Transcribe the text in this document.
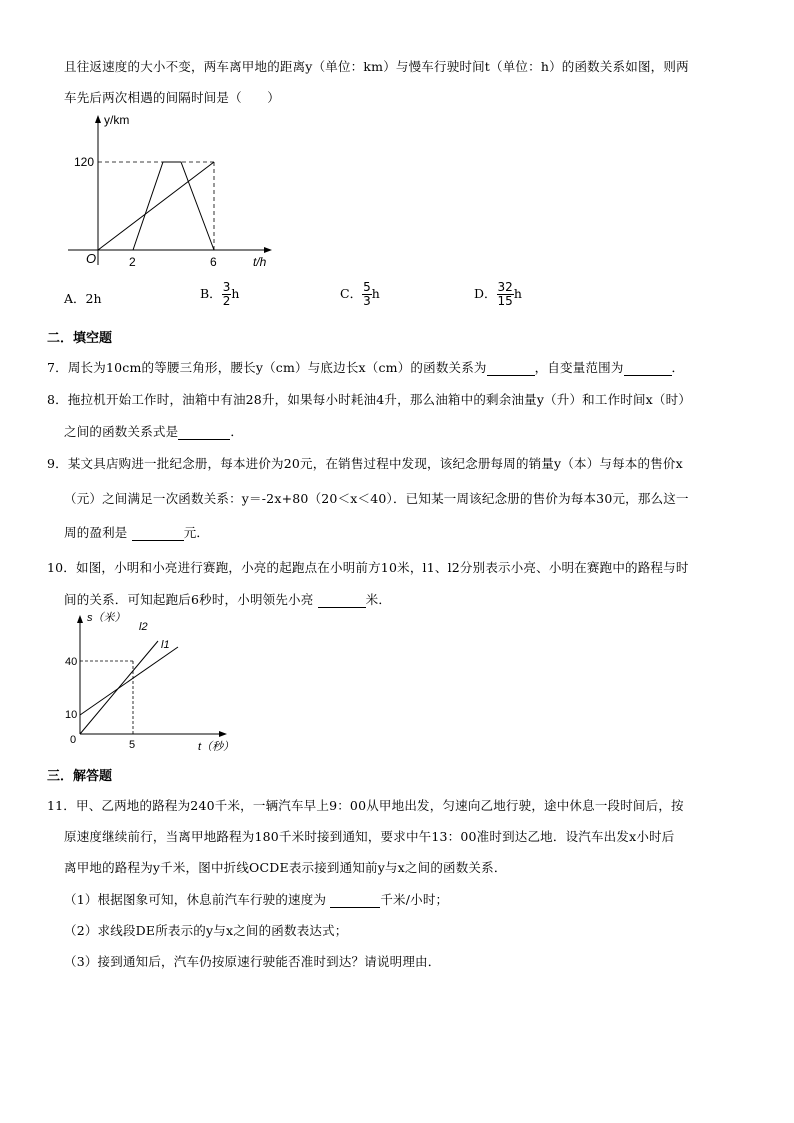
且往返速度的大小不变，两车离甲地的距离y（单位：km）与慢车行驶时间t（单位：h）的函数关系如图，则两
车先后两次相遇的间隔时间是（　　）
y/km
120
O	2	6	t/h
A．2h	B． $\frac{3}{2}$ h	C． $\frac{5}{3}$ h	D． $\frac{32}{15}$ h
二．填空题
7．周长为10cm的等腰三角形，腰长y（cm）与底边长x（cm）的函数关系为	，自变量范围为	．
8．拖拉机开始工作时，油箱中有油28升，如果每小时耗油4升，那么油箱中的剩余油量y（升）和工作时间x（时）
之间的函数关系式是	．
9．某文具店购进一批纪念册，每本进价为20元，在销售过程中发现，该纪念册每周的销量y（本）与每本的售价x
（元）之间满足一次函数关系：y＝-2x+80（20＜x＜40）．已知某一周该纪念册的售价为每本30元，那么这一
周的盈利是	元．
10．如图，小明和小亮进行赛跑，小亮的起跑点在小明前方10米，l1、l2分别表示小亮、小明在赛跑中的路程与时
间的关系．可知起跑后6秒时，小明领先小亮	米．
s（米）
l2
l1
40
10
0	5	t（秒）
三．解答题
11．甲、乙两地的路程为240千米，一辆汽车早上9：00从甲地出发，匀速向乙地行驶，途中休息一段时间后，按
原速度继续前行，当离甲地路程为180千米时接到通知，要求中午13：00准时到达乙地．设汽车出发x小时后
离甲地的路程为y千米，图中折线OCDE表示接到通知前y与x之间的函数关系．
（1）根据图象可知，休息前汽车行驶的速度为	千米/小时；
（2）求线段DE所表示的y与x之间的函数表达式；
（3）接到通知后，汽车仍按原速行驶能否准时到达？请说明理由．
